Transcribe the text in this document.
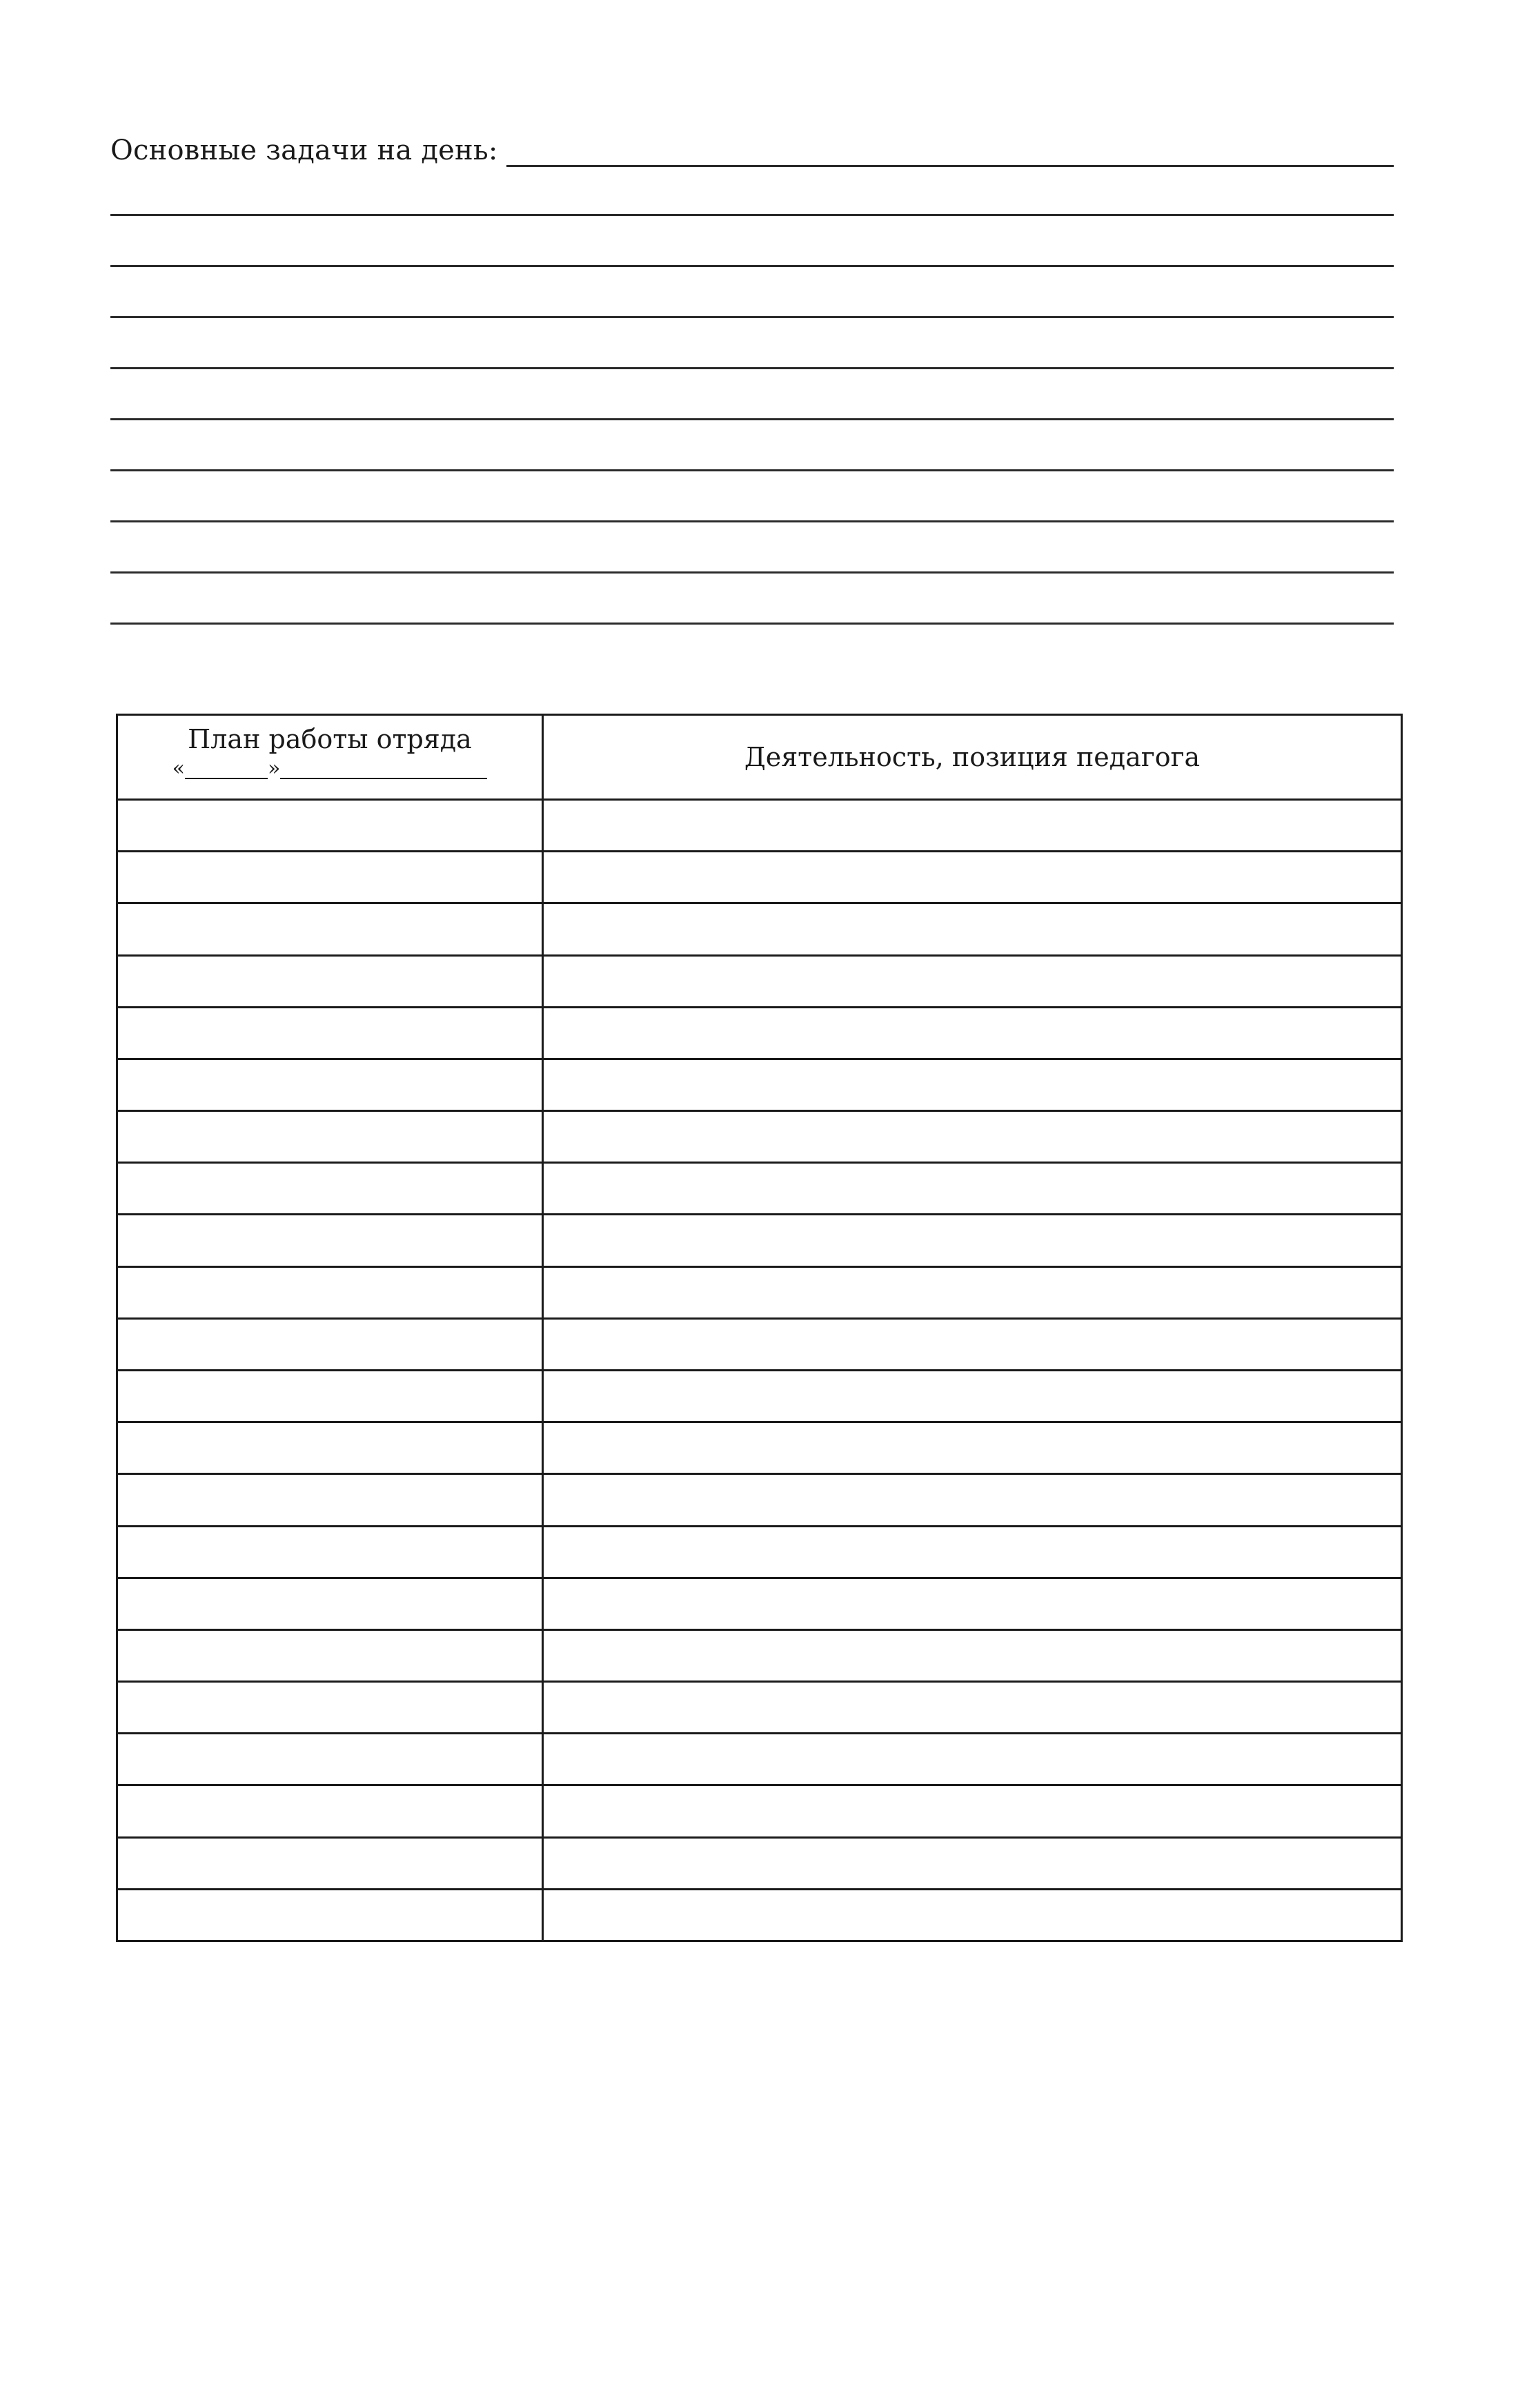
Основные задачи на день:
План работы отряда
«	»	Деятельность, позиция педагога
